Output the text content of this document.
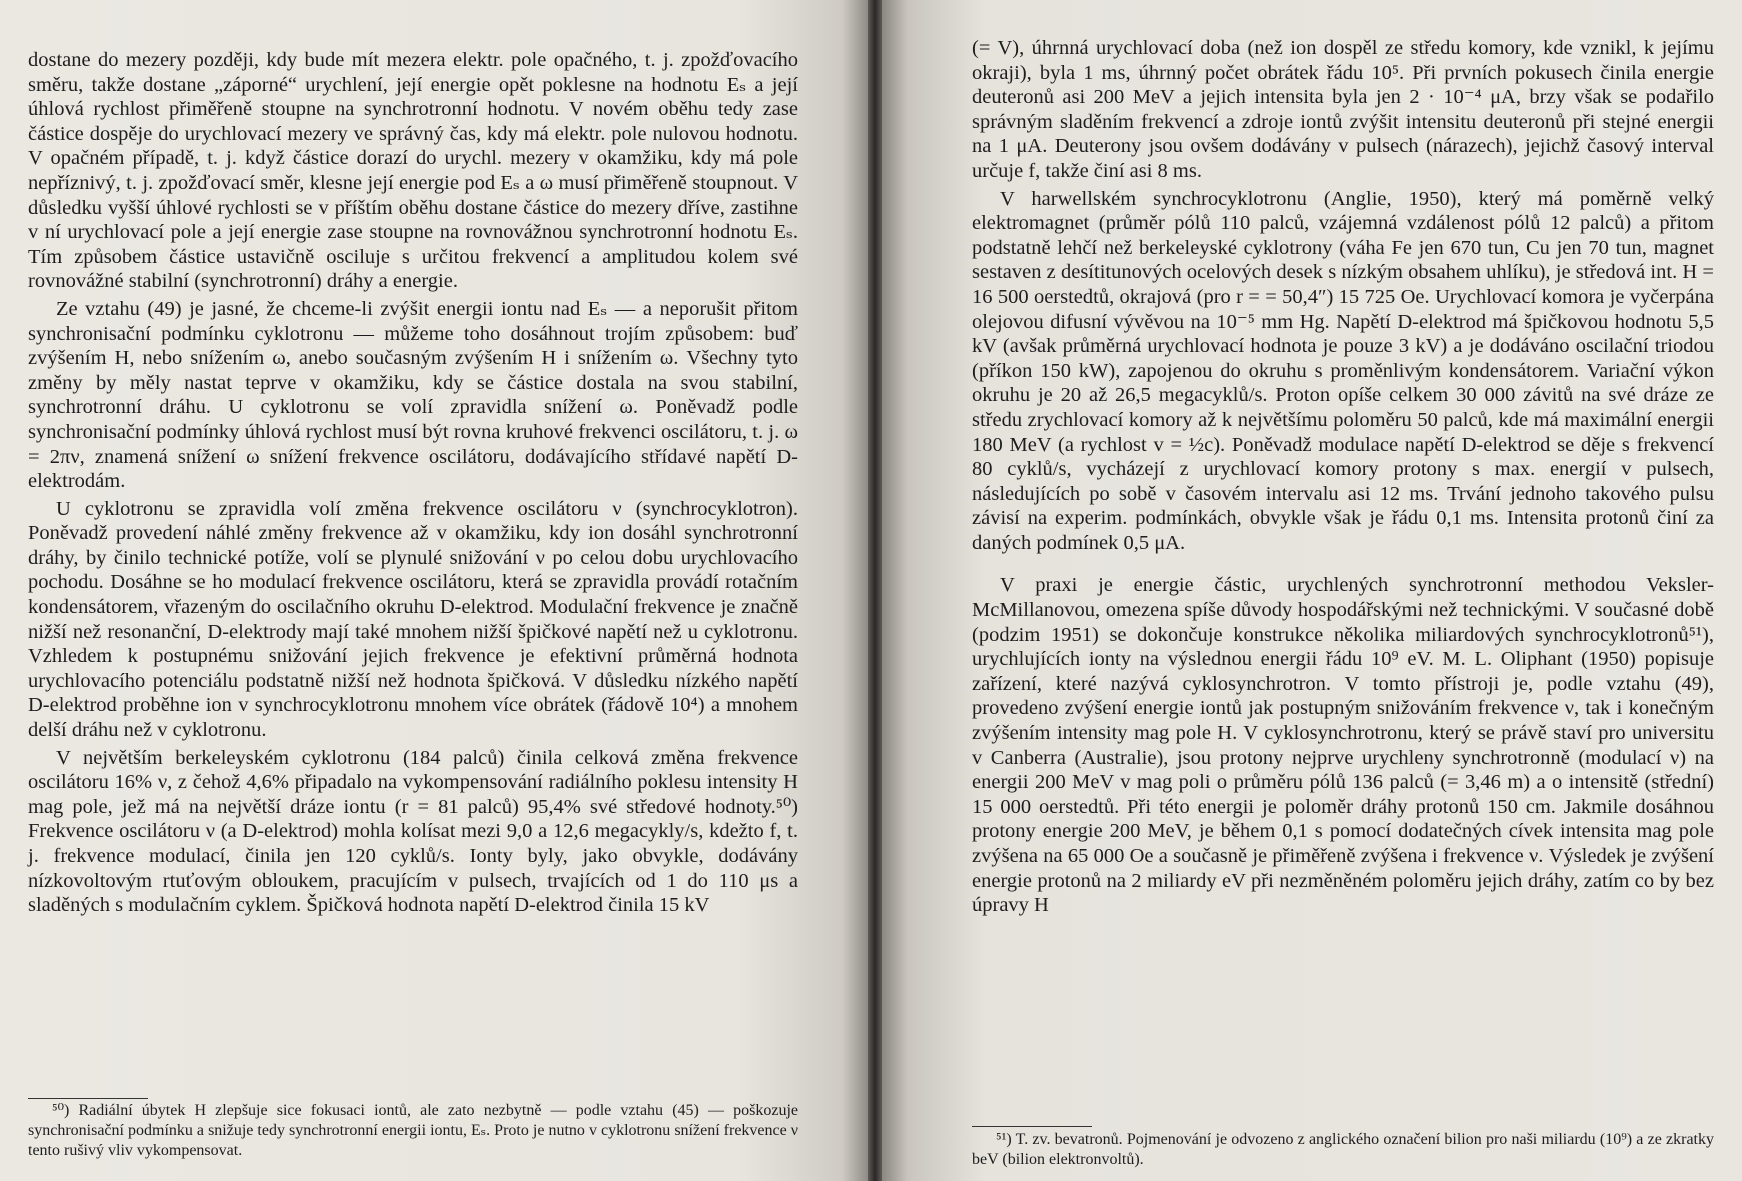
dostane do mezery později, kdy bude mít mezera elektr. pole opačného, t. j. zpožďovacího směru, takže dostane „záporné“ urychlení, její energie opět poklesne na hodnotu Eₛ a její úhlová rychlost přiměřeně stoupne na synchrotronní hodnotu. V novém oběhu tedy zase částice dospěje do urychlovací mezery ve správný čas, kdy má elektr. pole nulovou hodnotu. V opačném případě, t. j. když částice dorazí do urychl. mezery v okamžiku, kdy má pole nepříznivý, t. j. zpožďovací směr, klesne její energie pod Eₛ a ω musí přiměřeně stoupnout. V důsledku vyšší úhlové rychlosti se v příštím oběhu dostane částice do mezery dříve, zastihne v ní urychlovací pole a její energie zase stoupne na rovnovážnou synchrotronní hodnotu Eₛ. Tím způsobem částice ustavičně osciluje s určitou frekvencí a amplitudou kolem své rovnovážné stabilní (synchrotronní) dráhy a energie.

Ze vztahu (49) je jasné, že chceme-li zvýšit energii iontu nad Eₛ — a neporušit přitom synchronisační podmínku cyklotronu — můžeme toho dosáhnout trojím způsobem: buď zvýšením H, nebo snížením ω, anebo současným zvýšením H i snížením ω. Všechny tyto změny by měly nastat teprve v okamžiku, kdy se částice dostala na svou stabilní, synchrotronní dráhu. U cyklotronu se volí zpravidla snížení ω. Poněvadž podle synchronisační podmínky úhlová rychlost musí být rovna kruhové frekvenci oscilátoru, t. j. ω = 2πν, znamená snížení ω snížení frekvence oscilátoru, dodávajícího střídavé napětí D-elektrodám.

U cyklotronu se zpravidla volí změna frekvence oscilátoru ν (synchrocyklotron). Poněvadž provedení náhlé změny frekvence až v okamžiku, kdy ion dosáhl synchrotronní dráhy, by činilo technické potíže, volí se plynulé snižování ν po celou dobu urychlovacího pochodu. Dosáhne se ho modulací frekvence oscilátoru, která se zpravidla provádí rotačním kondensátorem, vřazeným do oscilačního okruhu D-elektrod. Modulační frekvence je značně nižší než resonanční, D-elektrody mají také mnohem nižší špičkové napětí než u cyklotronu. Vzhledem k postupnému snižování jejich frekvence je efektivní průměrná hodnota urychlovacího potenciálu podstatně nižší než hodnota špičková. V důsledku nízkého napětí D-elektrod proběhne ion v synchrocyklotronu mnohem více obrátek (řádově 10⁴) a mnohem delší dráhu než v cyklotronu.

V největším berkeleyském cyklotronu (184 palců) činila celková změna frekvence oscilátoru 16% ν, z čehož 4,6% připadalo na vykompensování radiálního poklesu intensity H mag pole, jež má na největší dráze iontu (r = 81 palců) 95,4% své středové hodnoty.⁵⁰) Frekvence oscilátoru ν (a D-elektrod) mohla kolísat mezi 9,0 a 12,6 megacykly/s, kdežto f, t. j. frekvence modulací, činila jen 120 cyklů/s. Ionty byly, jako obvykle, dodávány nízkovoltovým rtuťovým obloukem, pracujícím v pulsech, trvajících od 1 do 110 μs a sladěných s modulačním cyklem. Špičková hodnota napětí D-elektrod činila 15 kV

⁵⁰) Radiální úbytek H zlepšuje sice fokusaci iontů, ale zato nezbytně — podle vztahu (45) — poškozuje synchronisační podmínku a snižuje tedy synchrotronní energii iontu, Eₛ. Proto je nutno v cyklotronu snížení frekvence ν tento rušivý vliv vykompensovat.

(= V), úhrnná urychlovací doba (než ion dospěl ze středu komory, kde vznikl, k jejímu okraji), byla 1 ms, úhrnný počet obrátek řádu 10⁵. Při prvních pokusech činila energie deuteronů asi 200 MeV a jejich intensita byla jen 2 · 10⁻⁴ μA, brzy však se podařilo správným sladěním frekvencí a zdroje iontů zvýšit intensitu deuteronů při stejné energii na 1 μA. Deuterony jsou ovšem dodávány v pulsech (nárazech), jejichž časový interval určuje f, takže činí asi 8 ms.

V harwellském synchrocyklotronu (Anglie, 1950), který má poměrně velký elektromagnet (průměr pólů 110 palců, vzájemná vzdálenost pólů 12 palců) a přitom podstatně lehčí než berkeleyské cyklotrony (váha Fe jen 670 tun, Cu jen 70 tun, magnet sestaven z desítitunových ocelových desek s nízkým obsahem uhlíku), je středová int. H = 16 500 oerstedtů, okrajová (pro r = = 50,4″) 15 725 Oe. Urychlovací komora je vyčerpána olejovou difusní vývěvou na 10⁻⁵ mm Hg. Napětí D-elektrod má špičkovou hodnotu 5,5 kV (avšak průměrná urychlovací hodnota je pouze 3 kV) a je dodáváno oscilační triodou (příkon 150 kW), zapojenou do okruhu s proměnlivým kondensátorem. Variační výkon okruhu je 20 až 26,5 megacyklů/s. Proton opíše celkem 30 000 závitů na své dráze ze středu zrychlovací komory až k největšímu poloměru 50 palců, kde má maximální energii 180 MeV (a rychlost v = ½c). Poněvadž modulace napětí D-elektrod se děje s frekvencí 80 cyklů/s, vycházejí z urychlovací komory protony s max. energií v pulsech, následujících po sobě v časovém intervalu asi 12 ms. Trvání jednoho takového pulsu závisí na experim. podmínkách, obvykle však je řádu 0,1 ms. Intensita protonů činí za daných podmínek 0,5 μA.

V praxi je energie částic, urychlených synchrotronní methodou Veksler-McMillanovou, omezena spíše důvody hospodářskými než technickými. V současné době (podzim 1951) se dokončuje konstrukce několika miliardových synchrocyklotronů⁵¹), urychlujících ionty na výslednou energii řádu 10⁹ eV. M. L. Oliphant (1950) popisuje zařízení, které nazývá cyklosynchrotron. V tomto přístroji je, podle vztahu (49), provedeno zvýšení energie iontů jak postupným snižováním frekvence ν, tak i konečným zvýšením intensity mag pole H. V cyklosynchrotronu, který se právě staví pro universitu v Canberra (Australie), jsou protony nejprve urychleny synchrotronně (modulací ν) na energii 200 MeV v mag poli o průměru pólů 136 palců (= 3,46 m) a o intensitě (střední) 15 000 oerstedtů. Při této energii je poloměr dráhy protonů 150 cm. Jakmile dosáhnou protony energie 200 MeV, je během 0,1 s pomocí dodatečných cívek intensita mag pole zvýšena na 65 000 Oe a současně je přiměřeně zvýšena i frekvence ν. Výsledek je zvýšení energie protonů na 2 miliardy eV při nezměněném poloměru jejich dráhy, zatím co by bez úpravy H

⁵¹) T. zv. bevatronů. Pojmenování je odvozeno z anglického označení bilion pro naši miliardu (10⁹) a ze zkratky beV (bilion elektronvoltů).
